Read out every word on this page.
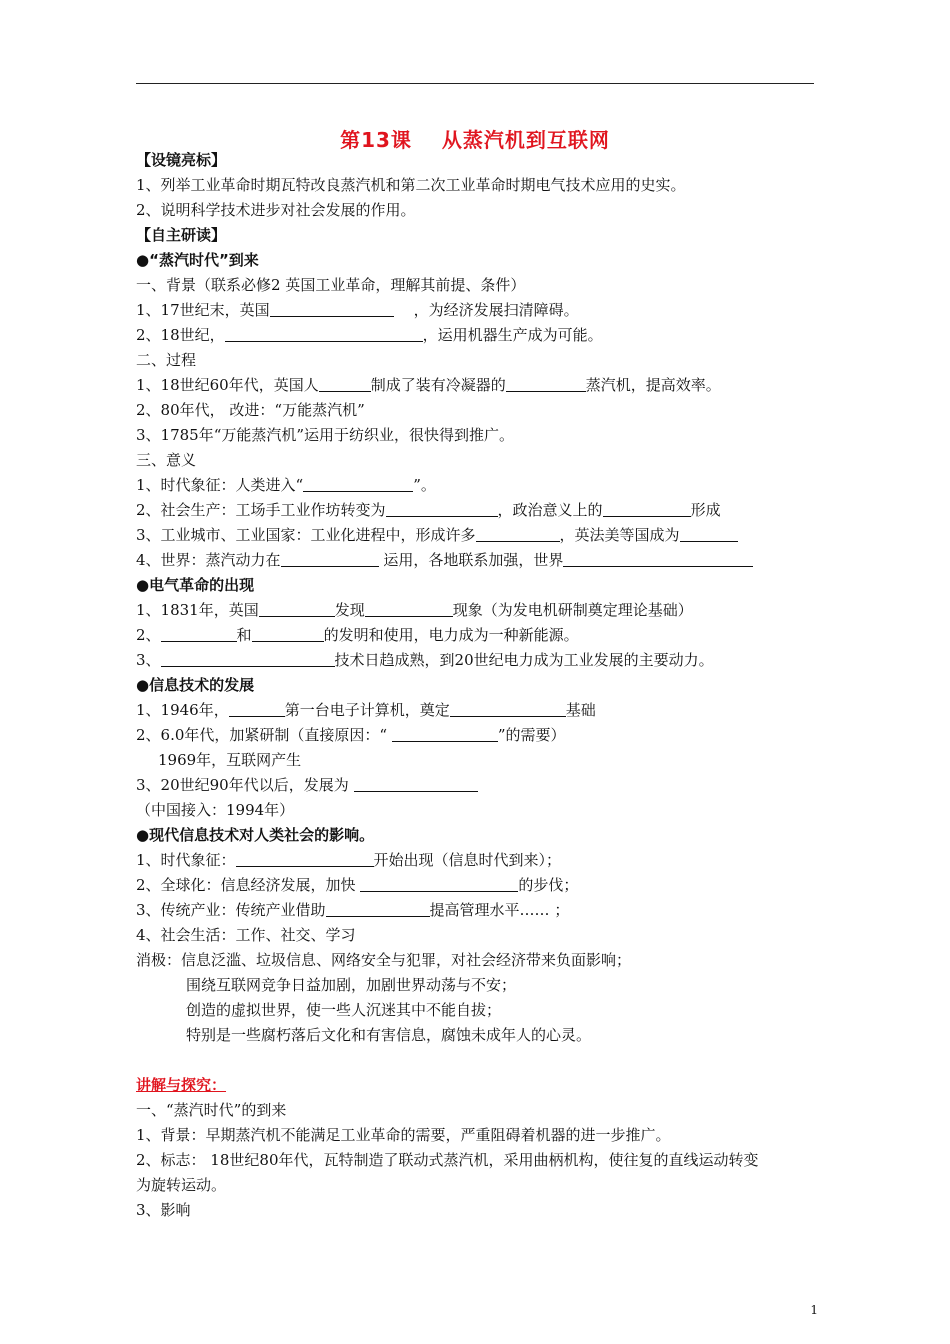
第13课 从蒸汽机到互联网
【设镜亮标】
1、列举工业革命时期瓦特改良蒸汽机和第二次工业革命时期电气技术应用的史实。
2、说明科学技术进步对社会发展的作用。
【自主研读】
●“蒸汽时代”到来
一、背景（联系必修2 英国工业革命，理解其前提、条件）
1、17世纪末，英国	，为经济发展扫清障碍。
2、18世纪，	，运用机器生产成为可能。
二、过程
1、18世纪60年代，英国人	制成了装有冷凝器的	蒸汽机，提高效率。
2、80年代， 改进：“万能蒸汽机”
3、1785年“万能蒸汽机”运用于纺织业，很快得到推广。
三、意义
1、时代象征：人类进入“	”。
2、社会生产：工场手工业作坊转变为	，政治意义上的	形成
3、工业城市、工业国家：工业化进程中，形成许多	，英法美等国成为
4、世界：蒸汽动力在	运用，各地联系加强，世界
●电气革命的出现
1、1831年，英国	发现	现象（为发电机研制奠定理论基础）
2、	和	的发明和使用，电力成为一种新能源。
3、	技术日趋成熟，到20世纪电力成为工业发展的主要动力。
●信息技术的发展
1、1946年，	第一台电子计算机，奠定	基础
2、6.0年代，加紧研制（直接原因：“	”的需要）
1969年，互联网产生
3、20世纪90年代以后，发展为
（中国接入：1994年）
●现代信息技术对人类社会的影响。
1、时代象征：	开始出现（信息时代到来）；
2、全球化：信息经济发展，加快	的步伐；
3、传统产业：传统产业借助	提高管理水平…… ；
4、社会生活：工作、社交、学习
消极：信息泛滥、垃圾信息、网络安全与犯罪，对社会经济带来负面影响；
围绕互联网竞争日益加剧，加剧世界动荡与不安；
创造的虚拟世界，使一些人沉迷其中不能自拔；
特别是一些腐朽落后文化和有害信息，腐蚀未成年人的心灵。
讲解与探究：
一、“蒸汽时代”的到来
1、背景：早期蒸汽机不能满足工业革命的需要，严重阻碍着机器的进一步推广。
2、标志： 18世纪80年代，瓦特制造了联动式蒸汽机，采用曲柄机构，使往复的直线运动转变
为旋转运动。
3、影响
1
